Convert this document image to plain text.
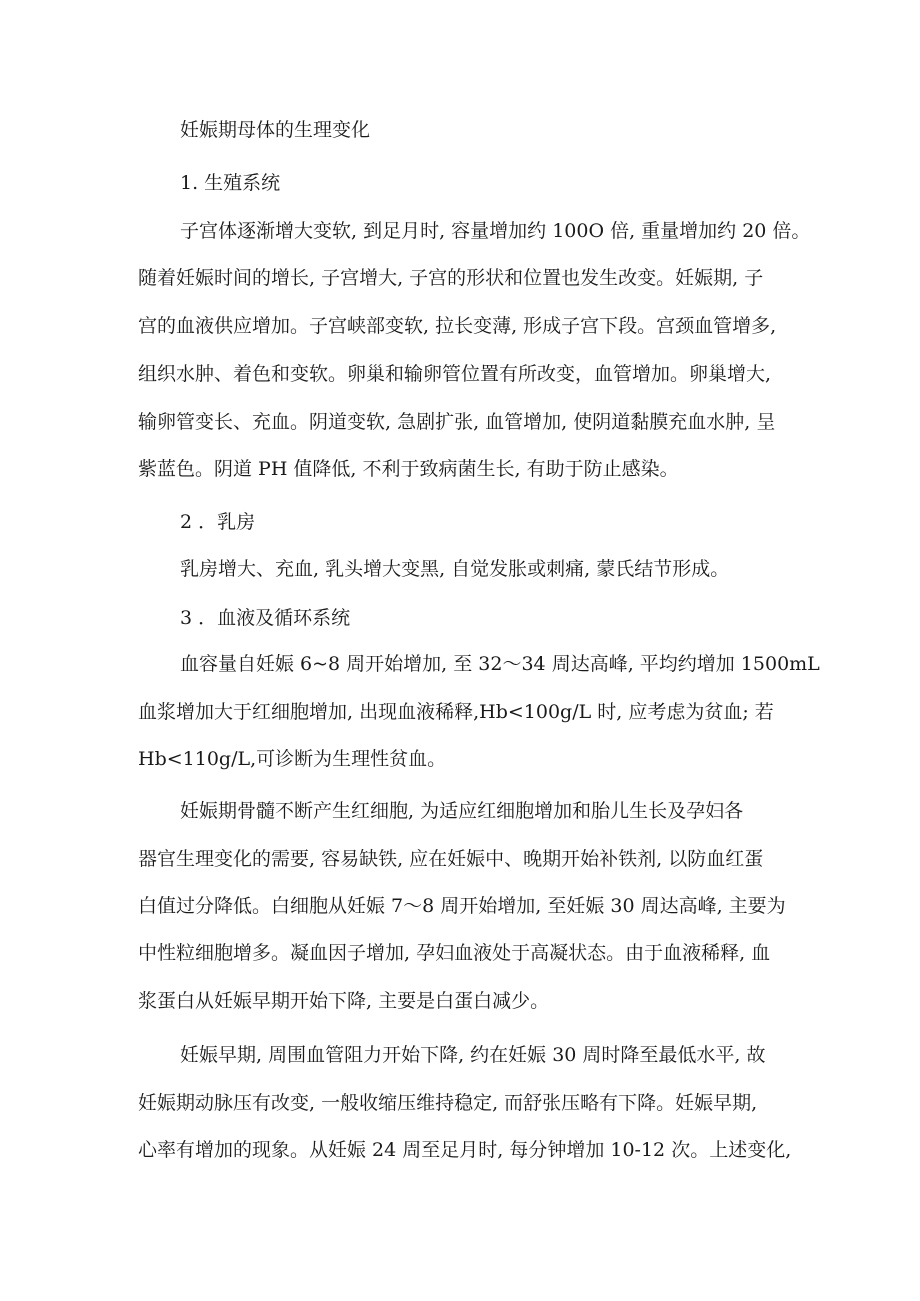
妊娠期母体的生理变化
1. 生殖系统
子宫体逐渐增大变软, 到足月时, 容量增加约 100O 倍, 重量增加约 20 倍。
随着妊娠时间的增长, 子宫增大, 子宫的形状和位置也发生改变。妊娠期, 子
宫的血液供应增加。子宫峡部变软, 拉长变薄, 形成子宫下段。宫颈血管增多,
组织水肿、着色和变软。卵巢和输卵管位置有所改变，血管增加。卵巢增大,
输卵管变长、充血。阴道变软, 急剧扩张, 血管增加, 使阴道黏膜充血水肿, 呈
紫蓝色。阴道 PH 值降低, 不利于致病菌生长, 有助于防止感染。
2 ．乳房
乳房增大、充血, 乳头增大变黑, 自觉发胀或刺痛, 蒙氏结节形成。
3 ．血液及循环系统
血容量自妊娠 6~8 周开始增加, 至 32～34 周达高峰, 平均约增加 1500mL
血浆增加大于红细胞增加, 出现血液稀释,Hb<100g∕L 时, 应考虑为贫血; 若
Hb<110g∕L,可诊断为生理性贫血。
妊娠期骨髓不断产生红细胞, 为适应红细胞增加和胎儿生长及孕妇各
器官生理变化的需要, 容易缺铁, 应在妊娠中、晚期开始补铁剂, 以防血红蛋
白值过分降低。白细胞从妊娠 7～8 周开始增加, 至妊娠 30 周达高峰, 主要为
中性粒细胞增多。凝血因子增加, 孕妇血液处于高凝状态。由于血液稀释, 血
浆蛋白从妊娠早期开始下降, 主要是白蛋白减少。
妊娠早期, 周围血管阻力开始下降, 约在妊娠 30 周时降至最低水平, 故
妊娠期动脉压有改变, 一般收缩压维持稳定, 而舒张压略有下降。妊娠早期,
心率有增加的现象。从妊娠 24 周至足月时, 每分钟增加 10-12 次。上述变化,
